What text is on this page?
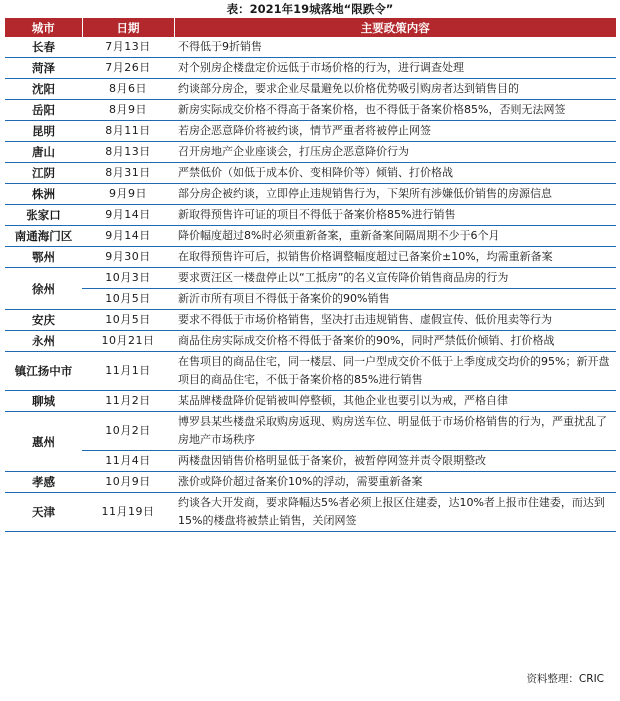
表：2021年19城落地“限跌令”
城市	日期	主要政策内容
长春	7月13日	不得低于9折销售
菏泽	7月26日	对个别房企楼盘定价远低于市场价格的行为，进行调查处理
沈阳	8月6日	约谈部分房企，要求企业尽量避免以价格优势吸引购房者达到销售目的
岳阳	8月9日	新房实际成交价格不得高于备案价格，也不得低于备案价格85%，否则无法网签
昆明	8月11日	若房企恶意降价将被约谈，情节严重者将被停止网签
唐山	8月13日	召开房地产企业座谈会，打压房企恶意降价行为
江阴	8月31日	严禁低价（如低于成本价、变相降价等）倾销、打价格战
株洲	9月9日	部分房企被约谈，立即停止违规销售行为，下架所有涉嫌低价销售的房源信息
张家口	9月14日	新取得预售许可证的项目不得低于备案价格85%进行销售
南通海门区	9月14日	降价幅度超过8%时必须重新备案，重新备案间隔周期不少于6个月
鄂州	9月30日	在取得预售许可后，拟销售价格调整幅度超过已备案价±10%，均需重新备案
徐州	10月3日	要求贾汪区一楼盘停止以“工抵房”的名义宣传降价销售商品房的行为
	10月5日	新沂市所有项目不得低于备案价的90%销售
安庆	10月5日	要求不得低于市场价格销售，坚决打击违规销售、虚假宣传、低价甩卖等行为
永州	10月21日	商品住房实际成交价格不得低于备案价的90%，同时严禁低价倾销、打价格战
镇江扬中市	11月1日	在售项目的商品住宅，同一楼层、同一户型成交价不低于上季度成交均价的95%；新开盘项目的商品住宅，不低于备案价格的85%进行销售
聊城	11月2日	某品牌楼盘降价促销被叫停整顿，其他企业也要引以为戒，严格自律
惠州	10月2日	博罗县某些楼盘采取购房返现、购房送车位、明显低于市场价格销售的行为，严重扰乱了房地产市场秩序
	11月4日	两楼盘因销售价格明显低于备案价，被暂停网签并责令限期整改
孝感	10月9日	涨价或降价超过备案价10%的浮动，需要重新备案
天津	11月19日	约谈各大开发商，要求降幅达5%者必须上报区住建委，达10%者上报市住建委，而达到15%的楼盘将被禁止销售，关闭网签
资料整理：CRIC
